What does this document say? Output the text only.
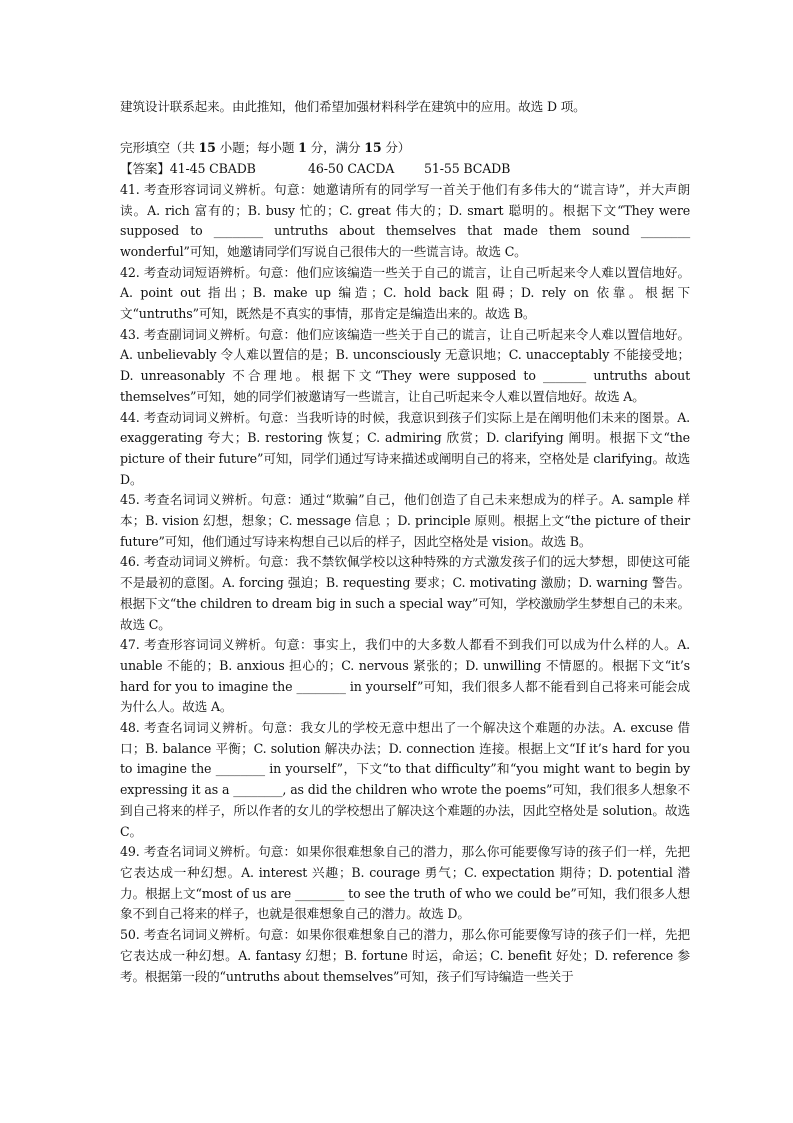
建筑设计联系起来。由此推知，他们希望加强材料科学在建筑中的应用。故选 D 项。

完形填空（共 15 小题；每小题 1 分，满分 15 分）

【答案】41-45 CBADB	46-50 CACDA 51-55 BCADB

41. 考查形容词词义辨析。句意：她邀请所有的同学写一首关于他们有多伟大的“谎言诗”，并大声朗读。A. rich 富有的；B. busy 忙的；C. great 伟大的；D. smart 聪明的。根据下文“They were supposed to ________ untruths about themselves that made them sound ________ wonderful”可知，她邀请同学们写说自己很伟大的一些谎言诗。故选 C。

42. 考查动词短语辨析。句意：他们应该编造一些关于自己的谎言，让自己听起来令人难以置信地好。A. point out 指出；B. make up 编造；C. hold back 阻碍；D. rely on 依靠。根据下文“untruths”可知，既然是不真实的事情，那肯定是编造出来的。故选 B。

43. 考查副词词义辨析。句意：他们应该编造一些关于自己的谎言，让自己听起来令人难以置信地好。A. unbelievably 令人难以置信的是；B. unconsciously 无意识地；C. unacceptably 不能接受地；D. unreasonably 不合理地。根据下文“They were supposed to _______ untruths about themselves”可知，她的同学们被邀请写一些谎言，让自己听起来令人难以置信地好。故选 A。

44. 考查动词词义辨析。句意：当我听诗的时候，我意识到孩子们实际上是在阐明他们未来的图景。A. exaggerating 夸大；B. restoring 恢复；C. admiring 欣赏；D. clarifying 阐明。根据下文“the picture of their future”可知，同学们通过写诗来描述或阐明自己的将来，空格处是 clarifying。故选 D。

45. 考查名词词义辨析。句意：通过“欺骗”自己，他们创造了自己未来想成为的样子。A. sample 样本；B. vision 幻想，想象；C. message 信息 ；D. principle 原则。根据上文“the picture of their future”可知，他们通过写诗来构想自己以后的样子，因此空格处是 vision。故选 B。

46. 考查动词词义辨析。句意：我不禁钦佩学校以这种特殊的方式激发孩子们的远大梦想，即使这可能不是最初的意图。A. forcing 强迫；B. requesting 要求；C. motivating 激励；D. warning 警告。根据下文“the children to dream big in such a special way”可知，学校激励学生梦想自己的未来。故选 C。

47. 考查形容词词义辨析。句意：事实上，我们中的大多数人都看不到我们可以成为什么样的人。A. unable 不能的；B. anxious 担心的；C. nervous 紧张的；D. unwilling 不情愿的。根据下文“it’s hard for you to imagine the ________ in yourself”可知，我们很多人都不能看到自己将来可能会成为什么人。故选 A。

48. 考查名词词义辨析。句意：我女儿的学校无意中想出了一个解决这个难题的办法。A. excuse 借口；B. balance 平衡；C. solution 解决办法；D. connection 连接。根据上文“If it’s hard for you to imagine the ________ in yourself”，下文“to that difficulty”和“you might want to begin by expressing it as a ________, as did the children who wrote the poems”可知，我们很多人想象不到自己将来的样子，所以作者的女儿的学校想出了解决这个难题的办法，因此空格处是 solution。故选 C。

49. 考查名词词义辨析。句意：如果你很难想象自己的潜力，那么你可能要像写诗的孩子们一样，先把它表达成一种幻想。A. interest 兴趣；B. courage 勇气；C. expectation 期待；D. potential 潜力。根据上文“most of us are ________ to see the truth of who we could be”可知，我们很多人想象不到自己将来的样子，也就是很难想象自己的潜力。故选 D。

50. 考查名词词义辨析。句意：如果你很难想象自己的潜力，那么你可能要像写诗的孩子们一样，先把它表达成一种幻想。A. fantasy 幻想；B. fortune 时运，命运；C. benefit 好处；D. reference 参考。根据第一段的“untruths about themselves”可知，孩子们写诗编造一些关于
